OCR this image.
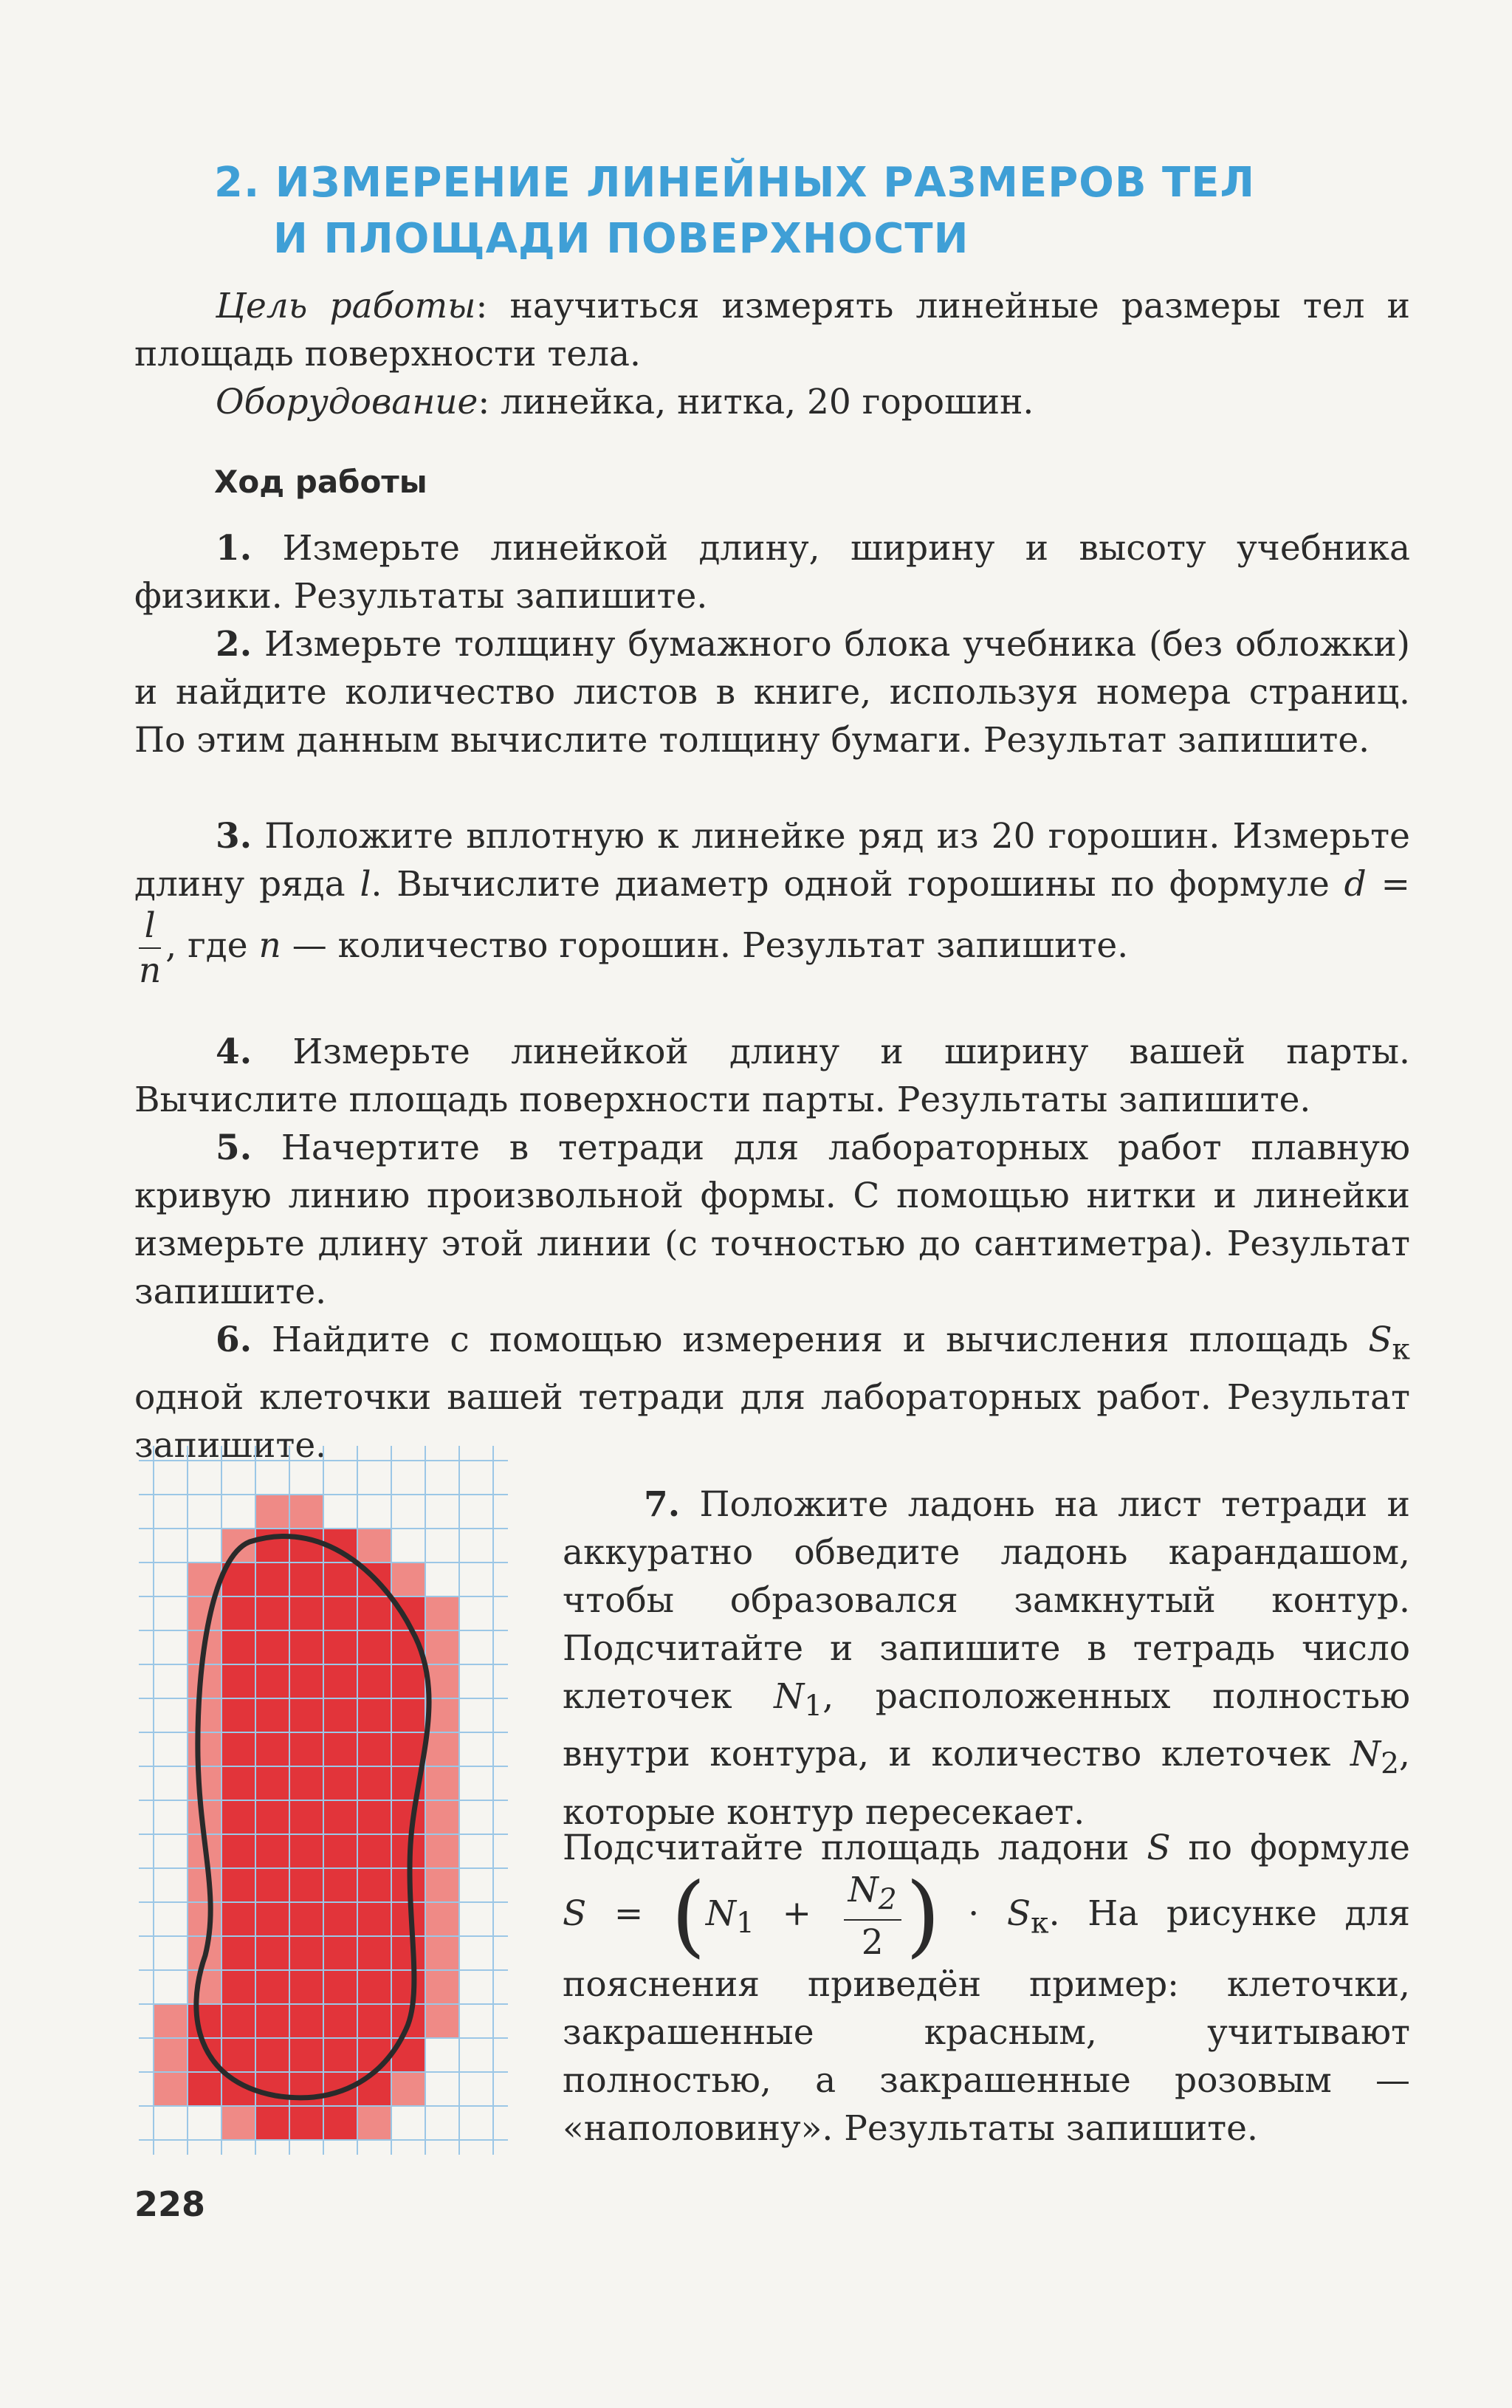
2. ИЗМЕРЕНИЕ ЛИНЕЙНЫХ РАЗМЕРОВ ТЕЛ
И ПЛОЩАДИ ПОВЕРХНОСТИ

Цель работы: научиться измерять линейные размеры тел и площадь поверхности тела.

Оборудование: линейка, нитка, 20 горошин.

Ход работы

1. Измерьте линейкой длину, ширину и высоту учебника физики. Результаты запишите.

2. Измерьте толщину бумажного блока учебника (без обложки) и найдите количество листов в книге, используя номера страниц. По этим данным вычислите толщину бумаги. Результат запишите.

3. Положите вплотную к линейке ряд из 20 горошин. Измерьте длину ряда l. Вычислите диаметр одной горошины по формуле d =
$\frac{l}{n}$ , где n — количество горошин. Результат запишите.

4. Измерьте линейкой длину и ширину вашей парты. Вычислите площадь поверхности парты. Результаты запишите.

5. Начертите в тетради для лабораторных работ плавную кривую линию произвольной формы. С помощью нитки и линейки измерьте длину этой линии (с точностью до сантиметра). Результат запишите.

6. Найдите с помощью измерения и вычисления площадь $S_к$ одной клеточки вашей тетради для лабораторных работ. Результат запишите.

7. Положите ладонь на лист тетради и аккуратно обведите ладонь карандашом, чтобы образовался замкнутый контур. Подсчитайте и запишите в тетрадь число клеточек $N_1$, расположенных полностью внутри контура, и количество клеточек $N_2$, которые контур пересекает.

Подсчитайте площадь ладони S по формуле $S = (N_1 + \frac{N_2}{2}$ ) · $S_к$. На рисунке для пояснения приведён пример: клеточки, закрашенные красным, учитывают полностью, а закрашенные розовым — «наполовину». Результаты запишите.

228
